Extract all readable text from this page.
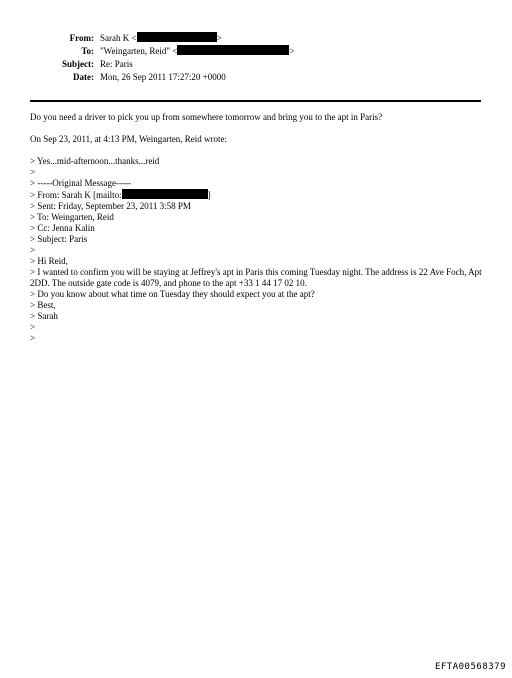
From: Sarah K <	>
To: "Weingarten, Reid" <	>
Subject: Re: Paris
Date: Mon, 26 Sep 2011 17:27:20 +0000
Do you need a driver to pick you up from somewhere tomorrow and bring you to the apt in Paris?
On Sep 23, 2011, at 4:13 PM, Weingarten, Reid wrote:
> Yes...mid-afternoon...thanks...reid
>
> -----Original Message-----
> From: Sarah K [mailto:	]
> Sent: Friday, September 23, 2011 3:58 PM
> To: Weingarten, Reid
> Cc: Jenna Kalin
> Subject: Paris
>
> Hi Reid,
> I wanted to confirm you will be staying at Jeffrey's apt in Paris this coming Tuesday night. The address is 22 Ave Foch, Apt 2DD. The outside gate code is 4079, and phone to the apt +33 1 44 17 02 10.
> Do you know about what time on Tuesday they should expect you at the apt?
> Best,
> Sarah
>
>
EFTA00568379
